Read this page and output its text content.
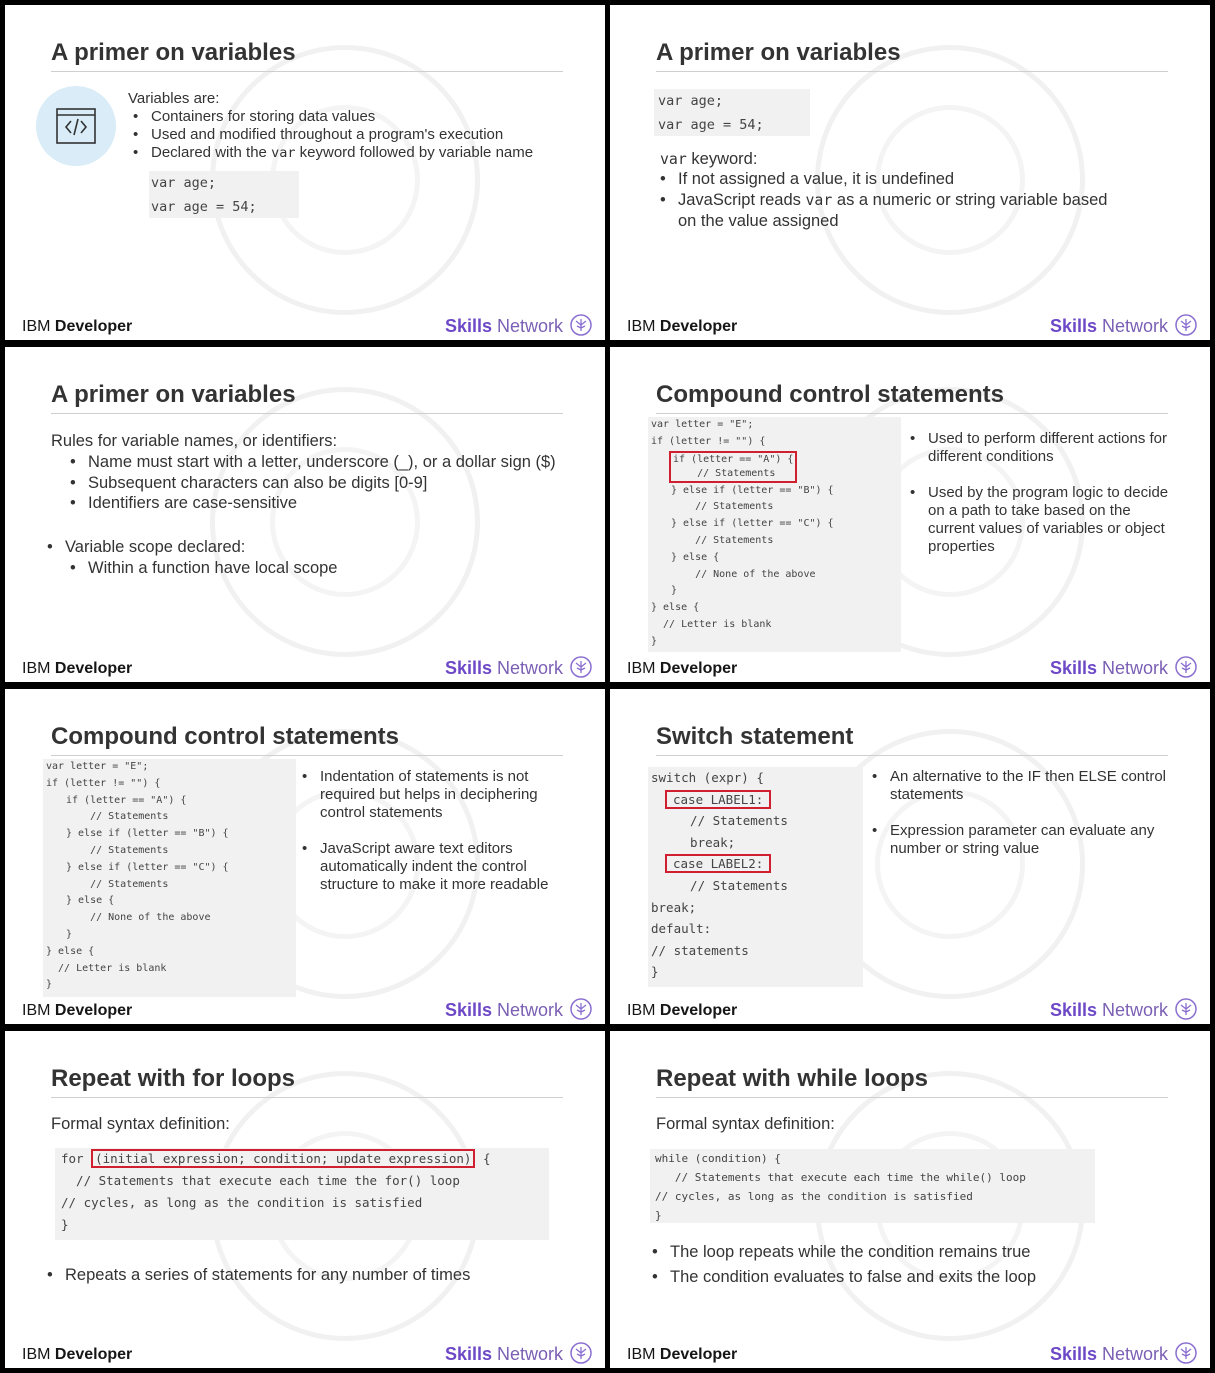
A primer on variables
Variables are:
• Containers for storing data values
• Used and modified throughout a program's execution
• Declared with the var keyword followed by variable name
var age;
var age = 54;
IBM Developer	Skills Network
A primer on variables
var age;
var age = 54;
var keyword:
• If not assigned a value, it is undefined
• JavaScript reads var as a numeric or string variable based
on the value assigned
IBM Developer	Skills Network
A primer on variables
Rules for variable names, or identifiers:
• Name must start with a letter, underscore (_), or a dollar sign ($)
• Subsequent characters can also be digits [0-9]
• Identifiers are case-sensitive
• Variable scope declared:
• Within a function have local scope
IBM Developer	Skills Network
Compound control statements
var letter = "E";
if (letter != "") {
if (letter == "A") {
// Statements
} else if (letter == "B") {
// Statements
} else if (letter == "C") {
// Statements
} else {
// None of the above
}
} else {
// Letter is blank
}
• Used to perform different actions for different conditions
• Used by the program logic to decide on a path to take based on the current values of variables or object properties
IBM Developer	Skills Network
Compound control statements
var letter = "E";
if (letter != "") {
if (letter == "A") {
// Statements
} else if (letter == "B") {
// Statements
} else if (letter == "C") {
// Statements
} else {
// None of the above
}
} else {
// Letter is blank
}
• Indentation of statements is not required but helps in deciphering control statements
• JavaScript aware text editors automatically indent the control structure to make it more readable
IBM Developer	Skills Network
Switch statement
switch (expr) {
case LABEL1:
// Statements
break;
case LABEL2:
// Statements
break;
default:
// statements
}
• An alternative to the IF then ELSE control statements
• Expression parameter can evaluate any number or string value
IBM Developer	Skills Network
Repeat with for loops
Formal syntax definition:
for (initial expression; condition; update expression) {
// Statements that execute each time the for() loop
// cycles, as long as the condition is satisfied
}
• Repeats a series of statements for any number of times
IBM Developer	Skills Network
Repeat with while loops
Formal syntax definition:
while (condition) {
// Statements that execute each time the while() loop
// cycles, as long as the condition is satisfied
}
• The loop repeats while the condition remains true
• The condition evaluates to false and exits the loop
IBM Developer	Skills Network
